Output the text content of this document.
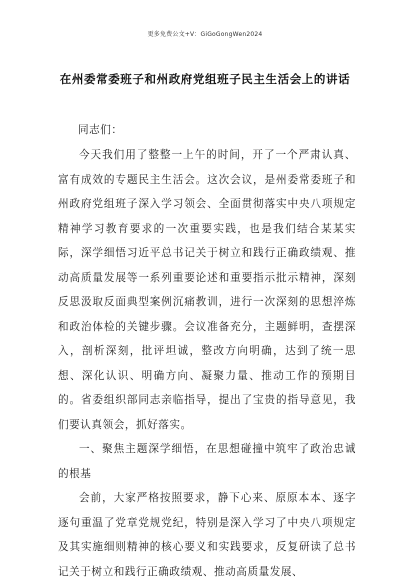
更多免费公文+V：GiGoGongWen2024
在州委常委班子和州政府党组班子民主生活会上的讲话

同志们：

今天我们用了整整一上午的时间，开了一个严肃认真、富有成效的专题民主生活会。这次会议，是州委常委班子和州政府党组班子深入学习领会、全面贯彻落实中央八项规定精神学习教育要求的一次重要实践，也是我们结合某某实际，深学细悟习近平总书记关于树立和践行正确政绩观、推动高质量发展等一系列重要论述和重要指示批示精神，深刻反思汲取反面典型案例沉痛教训，进行一次深刻的思想淬炼和政治体检的关键步骤。会议准备充分，主题鲜明，查摆深入，剖析深刻，批评坦诚，整改方向明确，达到了统一思想、深化认识、明确方向、凝聚力量、推动工作的预期目的。省委组织部同志亲临指导，提出了宝贵的指导意见，我们要认真领会，抓好落实。

一、聚焦主题深学细悟，在思想碰撞中筑牢了政治忠诚的根基

会前，大家严格按照要求，静下心来、原原本本、逐字逐句重温了党章党规党纪，特别是深入学习了中央八项规定及其实施细则精神的核心要义和实践要求，反复研读了总书记关于树立和践行正确政绩观、推动高质量发展、
